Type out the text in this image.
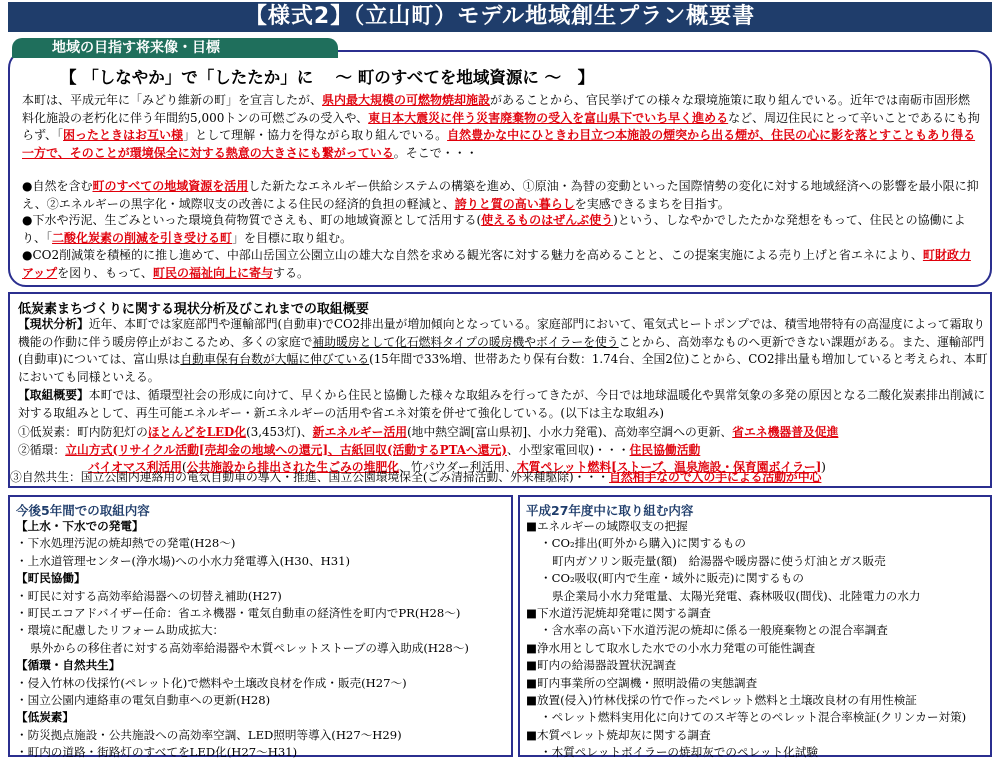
【様式2】（立山町）モデル地域創生プラン概要書
地域の目指す将来像・目標
【 「しなやか」で「したたか」に　 ～ 町のすべてを地域資源に ～　】

本町は、平成元年に「みどり維新の町」を宣言したが、県内最大規模の可燃物焼却施設があることから、官民挙げての様々な環境施策に取り組んでいる。近年では南砺市固形燃料化施設の老朽化に伴う年間約5,000トンの可燃ごみの受入や、東日本大震災に伴う災害廃棄物の受入を富山県下でいち早く進めるなど、周辺住民にとって辛いことであるにも拘らず、「困ったときはお互い様」として理解・協力を得ながら取り組んでいる。自然豊かな中にひときわ目立つ本施設の煙突から出る煙が、住民の心に影を落とすこともあり得る一方で、そのことが環境保全に対する熱意の大きさにも繋がっている。そこで・・・

●自然を含む町のすべての地域資源を活用した新たなエネルギー供給システムの構築を進め、①原油・為替の変動といった国際情勢の変化に対する地域経済への影響を最小限に抑え、②エネルギーの黒字化・域際収支の改善による住民の経済的負担の軽減と、誇りと質の高い暮らしを実感できるまちを目指す。

●下水や汚泥、生ごみといった環境負荷物質でさえも、町の地域資源として活用する(使えるものはぜんぶ使う)という、しなやかでしたたかな発想をもって、住民との協働により、「二酸化炭素の削減を引き受ける町」を目標に取り組む。

●CO2削減策を積極的に推し進めて、中部山岳国立公園立山の雄大な自然を求める観光客に対する魅力を高めることと、この提案実施による売り上げと省エネにより、町財政力アップを図り、もって、町民の福祉向上に寄与する。

低炭素まちづくりに関する現状分析及びこれまでの取組概要

【現状分析】近年、本町では家庭部門や運輸部門(自動車)でCO2排出量が増加傾向となっている。家庭部門において、電気式ヒートポンプでは、積雪地帯特有の高湿度によって霜取り機能の作動に伴う暖房停止がおこるため、多くの家庭で補助暖房として化石燃料タイプの暖房機やボイラーを使うことから、高効率なものへ更新できない課題がある。また、運輸部門(自動車)については、富山県は自動車保有台数が大幅に伸びている(15年間で33%増、世帯あたり保有台数：1.74台、全国2位)ことから、CO2排出量も増加していると考えられ、本町においても同様といえる。

【取組概要】本町では、循環型社会の形成に向けて、早くから住民と協働した様々な取組みを行ってきたが、今日では地球温暖化や異常気象の多発の原因となる二酸化炭素排出削減に対する取組みとして、再生可能エネルギー・新エネルギーの活用や省エネ対策を併せて強化している。(以下は主な取組み)

①低炭素：町内防犯灯のほとんどをLED化(3,453灯)、新エネルギー活用(地中熱空調[富山県初]、小水力発電)、高効率空調への更新、省エネ機器普及促進

②循環：立山方式(リサイクル活動[売却金の地域への還元]、古紙回収(活動するPTAへ還元)、小型家電回収)・・・住民協働活動

バイオマス利活用(公共施設から排出された生ごみの堆肥化、竹パウダー利活用、木質ペレット燃料[ストーブ、温泉施設・保育園ボイラー])

③自然共生：国立公園内連絡用の電気自動車の導入・推進、国立公園環境保全(ごみ清掃活動、外来種駆除)・・・自然相手なので人の手による活動が中心

今後5年間での取組内容
【上水・下水での発電】
・下水処理汚泥の焼却熱での発電(H28～)
・上水道管理センター(浄水場)への小水力発電導入(H30、H31)
【町民協働】
・町民に対する高効率給湯器への切替え補助(H27)
・町民エコアドバイザー任命：省エネ機器・電気自動車の経済性を町内でPR(H28～)
・環境に配慮したリフォーム助成拡大：
県外からの移住者に対する高効率給湯器や木質ペレットストーブの導入助成(H28～)
【循環・自然共生】
・侵入竹林の伐採竹(ペレット化)で燃料や土壌改良材を作成・販売(H27～)
・国立公園内連絡車の電気自動車への更新(H28)
【低炭素】
・防災拠点施設・公共施設への高効率空調、LED照明等導入(H27～H29)
・町内の道路・街路灯のすべてをLED化(H27～H31)
平成27年度中に取り組む内容
■エネルギーの域際収支の把握
・CO₂排出(町外から購入)に関するもの
町内ガソリン販売量(額)　給湯器や暖房器に使う灯油とガス販売
・CO₂吸収(町内で生産・域外に販売)に関するもの
県企業局小水力発電量、太陽光発電、森林吸収(間伐)、北陸電力の水力
■下水道汚泥焼却発電に関する調査
・含水率の高い下水道汚泥の焼却に係る一般廃棄物との混合率調査
■浄水用として取水した水での小水力発電の可能性調査
■町内の給湯器設置状況調査
■町内事業所の空調機・照明設備の実態調査
■放置(侵入)竹林伐採の竹で作ったペレット燃料と土壌改良材の有用性検証
・ペレット燃料実用化に向けてのスギ等とのペレット混合率検証(クリンカー対策)
■木質ペレット焼却灰に関する調査
・木質ペレットボイラーの焼却灰でのペレット化試験
